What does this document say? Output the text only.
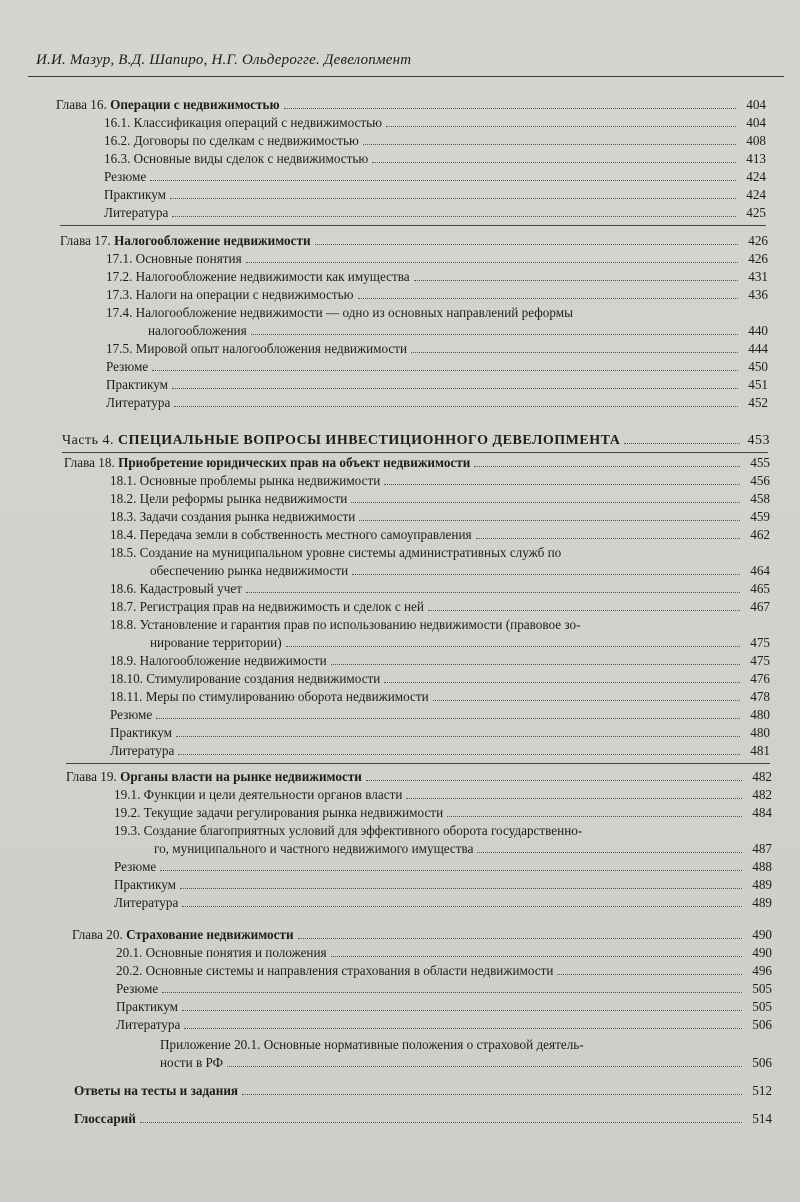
И.И. Мазур, В.Д. Шапиро, Н.Г. Ольдерогге. Девелопмент
Глава 16. Операции с недвижимостью	404
16.1. Классификация операций с недвижимостью	404
16.2. Договоры по сделкам с недвижимостью	408
16.3. Основные виды сделок с недвижимостью	413
Резюме	424
Практикум	424
Литература	425
Глава 17. Налогообложение недвижимости	426
17.1. Основные понятия	426
17.2. Налогообложение недвижимости как имущества	431
17.3. Налоги на операции с недвижимостью	436
17.4. Налогообложение недвижимости — одно из основных направлений реформы
налогообложения	440
17.5. Мировой опыт налогообложения недвижимости	444
Резюме	450
Практикум	451
Литература	452
Часть 4. СПЕЦИАЛЬНЫЕ ВОПРОСЫ ИНВЕСТИЦИОННОГО ДЕВЕЛОПМЕНТА	453
Глава 18. Приобретение юридических прав на объект недвижимости	455
18.1. Основные проблемы рынка недвижимости	456
18.2. Цели реформы рынка недвижимости	458
18.3. Задачи создания рынка недвижимости	459
18.4. Передача земли в собственность местного самоуправления	462
18.5. Создание на муниципальном уровне системы административных служб по
обеспечению рынка недвижимости	464
18.6. Кадастровый учет	465
18.7. Регистрация прав на недвижимость и сделок с ней	467
18.8. Установление и гарантия прав по использованию недвижимости (правовое зо-
нирование территории)	475
18.9. Налогообложение недвижимости	475
18.10. Стимулирование создания недвижимости	476
18.11. Меры по стимулированию оборота недвижимости	478
Резюме	480
Практикум	480
Литература	481
Глава 19. Органы власти на рынке недвижимости	482
19.1. Функции и цели деятельности органов власти	482
19.2. Текущие задачи регулирования рынка недвижимости	484
19.3. Создание благоприятных условий для эффективного оборота государственно-
го, муниципального и частного недвижимого имущества	487
Резюме	488
Практикум	489
Литература	489
Глава 20. Страхование недвижимости	490
20.1. Основные понятия и положения	490
20.2. Основные системы и направления страхования в области недвижимости	496
Резюме	505
Практикум	505
Литература	506
Приложение 20.1. Основные нормативные положения о страховой деятель-
ности в РФ	506
Ответы на тесты и задания	512
Глоссарий	514
